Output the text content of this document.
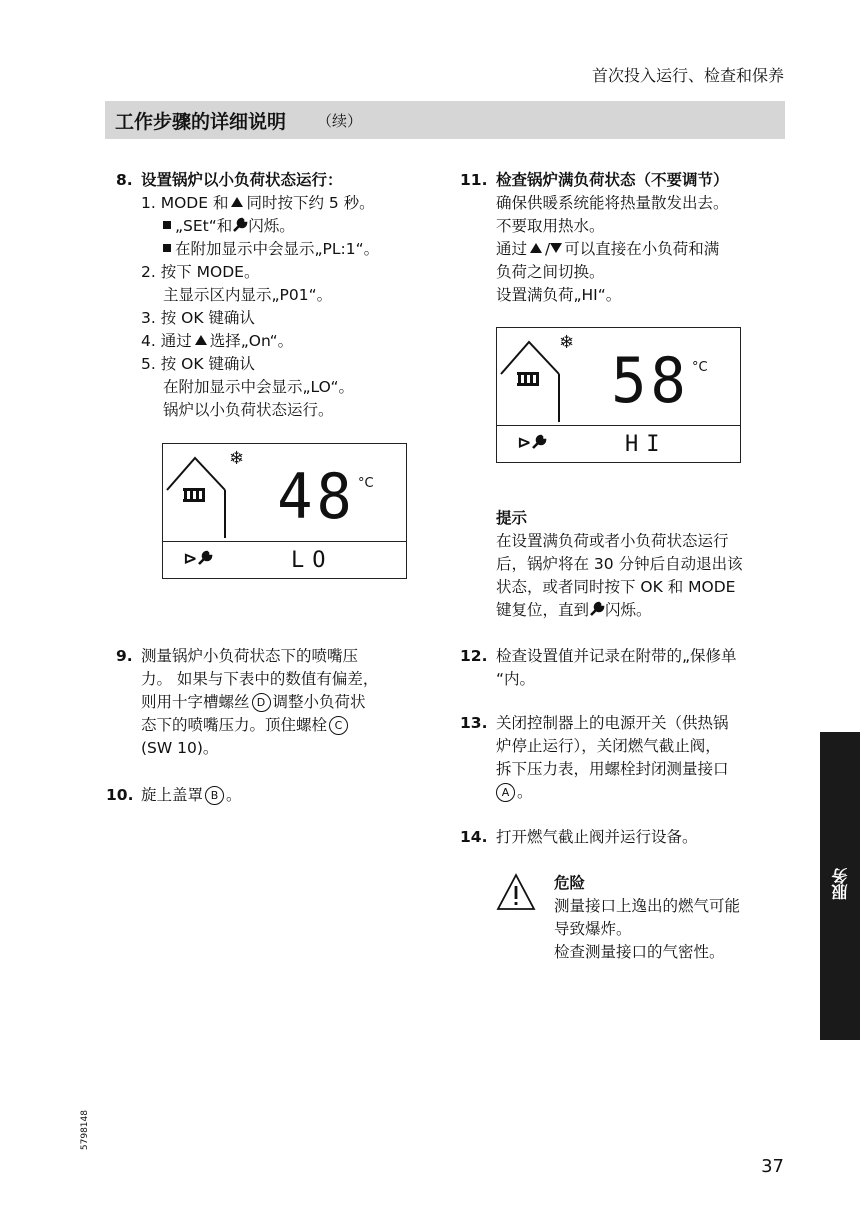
首次投入运行、检查和保养
工作步骤的详细说明 （续）
8. 设置锅炉以小负荷状态运行：
1. MODE 和 同时按下约 5 秒。
„SEt“和 闪烁。
在附加显示中会显示„PL:1“。
2. 按下 MODE。
主显示区内显示„P01“。
3. 按 OK 键确认
4. 通过 选择„On“。
5. 按 OK 键确认
在附加显示中会显示„LO“。
锅炉以小负荷状态运行。
❄
48 °C
⊳	LO
9. 测量锅炉小负荷状态下的喷嘴压
力。 如果与下表中的数值有偏差，
则用十字槽螺丝 D 调整小负荷状
态下的喷嘴压力。顶住螺栓 C
(SW 10)。
10. 旋上盖罩 B 。
11. 检查锅炉满负荷状态（不要调节）
确保供暖系统能将热量散发出去。
不要取用热水。
通过 / 可以直接在小负荷和满
负荷之间切换。
设置满负荷„HI“。
❄
58 °C
⊳	HI
提示
在设置满负荷或者小负荷状态运行
后，锅炉将在 30 分钟后自动退出该
状态，或者同时按下 OK 和 MODE
键复位，直到 闪烁。
12. 检查设置值并记录在附带的„保修单
“内。
13. 关闭控制器上的电源开关（供热锅
炉停止运行），关闭燃气截止阀，
拆下压力表，用螺栓封闭测量接口
A 。
14. 打开燃气截止阀并运行设备。
危险
测量接口上逸出的燃气可能
导致爆炸。
检查测量接口的气密性。
服务
5798148
37
